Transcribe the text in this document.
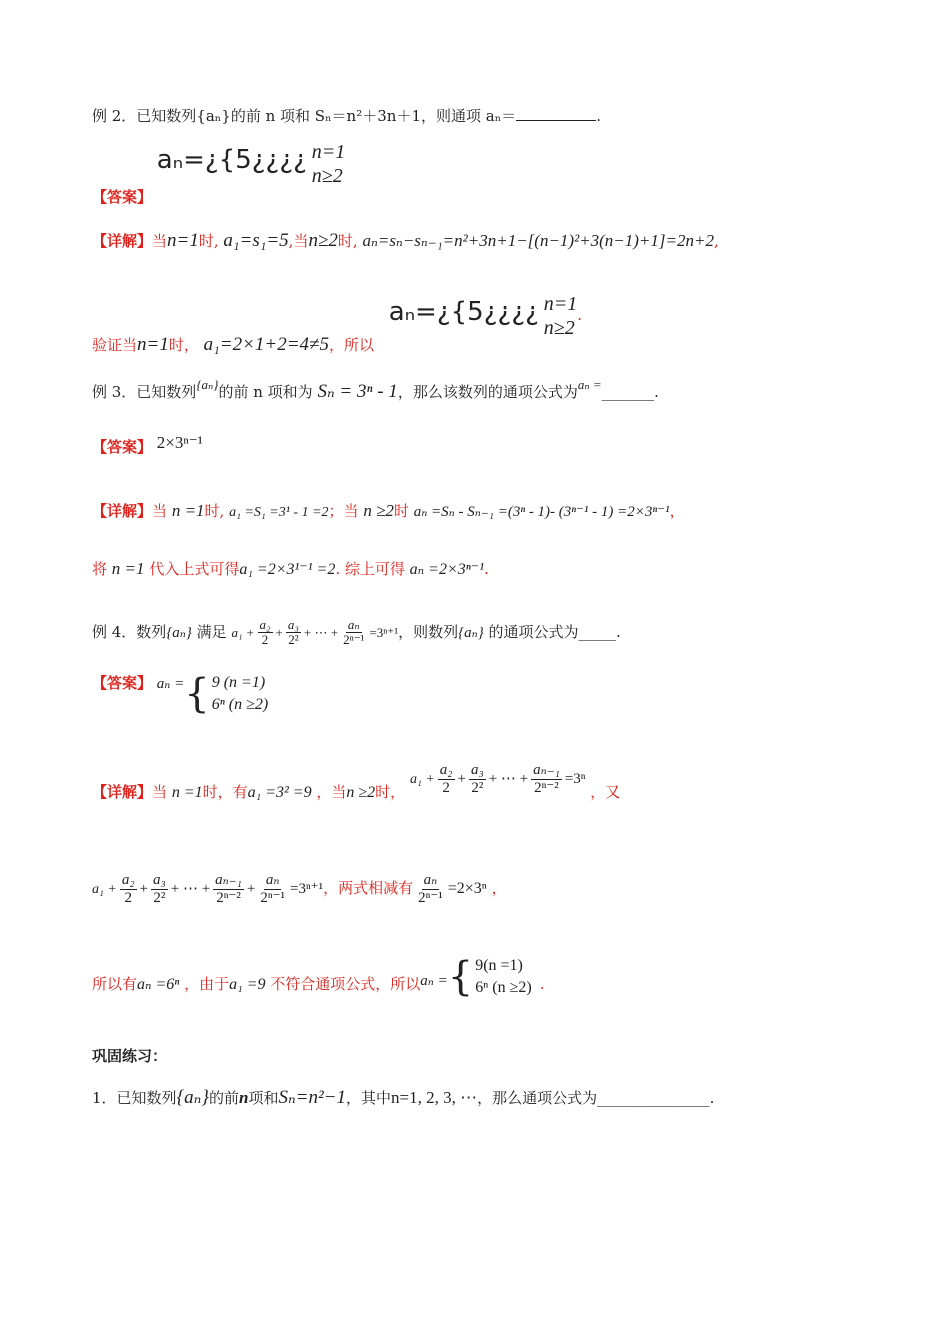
例 2．已知数列{aₙ}的前 n 项和 Sₙ＝n²＋3n＋1，则通项 aₙ＝	.
【答案】 aₙ=¿{5¿¿¿¿ n=1
n≥2
【详解】当n=1时, a₁=s₁=5,当n≥2时, aₙ=sₙ−sₙ₋₁=n²+3n+1−[(n−1)²+3(n−1)+1]=2n+2,
验证当n=1时， a₁=2×1+2=4≠5，所以 aₙ=¿{5¿¿¿¿ n=1
n≥2
.
例 3．已知数列{aₙ}的前 n 项和为 Sₙ = 3ⁿ - 1，那么该数列的通项公式为aₙ =_______.
【答案】 2×3ⁿ⁻¹
【详解】当 n =1时, a₁ =S₁ =3¹ - 1 =2；当 n ≥2时 aₙ =Sₙ - Sₙ₋₁ =(3ⁿ - 1)- (3ⁿ⁻¹ - 1) =2×3ⁿ⁻¹，
将 n =1 代入上式可得a₁ =2×3¹⁻¹ =2. 综上可得 aₙ =2×3ⁿ⁻¹.
例 4．数列{aₙ} 满足 $a_1 + \frac{\text{a₂}}{2} + \frac{\text{a₃}}{\text{2²}}$ + ⋯ + $\frac{\text{aₙ}}{\text{2ⁿ⁻¹}} =3^{n+1}$，则数列{aₙ} 的通项公式为_____.
【答案】 aₙ = { 9 (n =1)
6ⁿ (n ≥2)
【详解】当 n =1时，有a₁ =3² =9 ，当n ≥2时， $a_1 + \frac{\text{a₂}}{2} + \frac{\text{a₃}}{\text{2²}}$ + ⋯ + $\frac{\text{aₙ₋₁}}{\text{2ⁿ⁻²}} =3^n$ ，又
$a_1 + \frac{\text{a₂}}{2} + \frac{\text{a₃}}{\text{2²}}$ + ⋯ + $\frac{\text{aₙ₋₁}}{\text{2ⁿ⁻²}} + \frac{\text{aₙ}}{\text{2ⁿ⁻¹}} =3^{n+1}$，两式相减有 $\frac{\text{aₙ}}{\text{2ⁿ⁻¹}} =2\times 3^n$ ，
所以有aₙ =6ⁿ ，由于a₁ =9 不符合通项公式，所以aₙ = { 9(n =1)
6ⁿ (n ≥2) .
巩固练习：
1．已知数列{aₙ}的前n项和Sₙ=n²−1，其中n=1, 2, 3, ⋯，那么通项公式为_______________.
